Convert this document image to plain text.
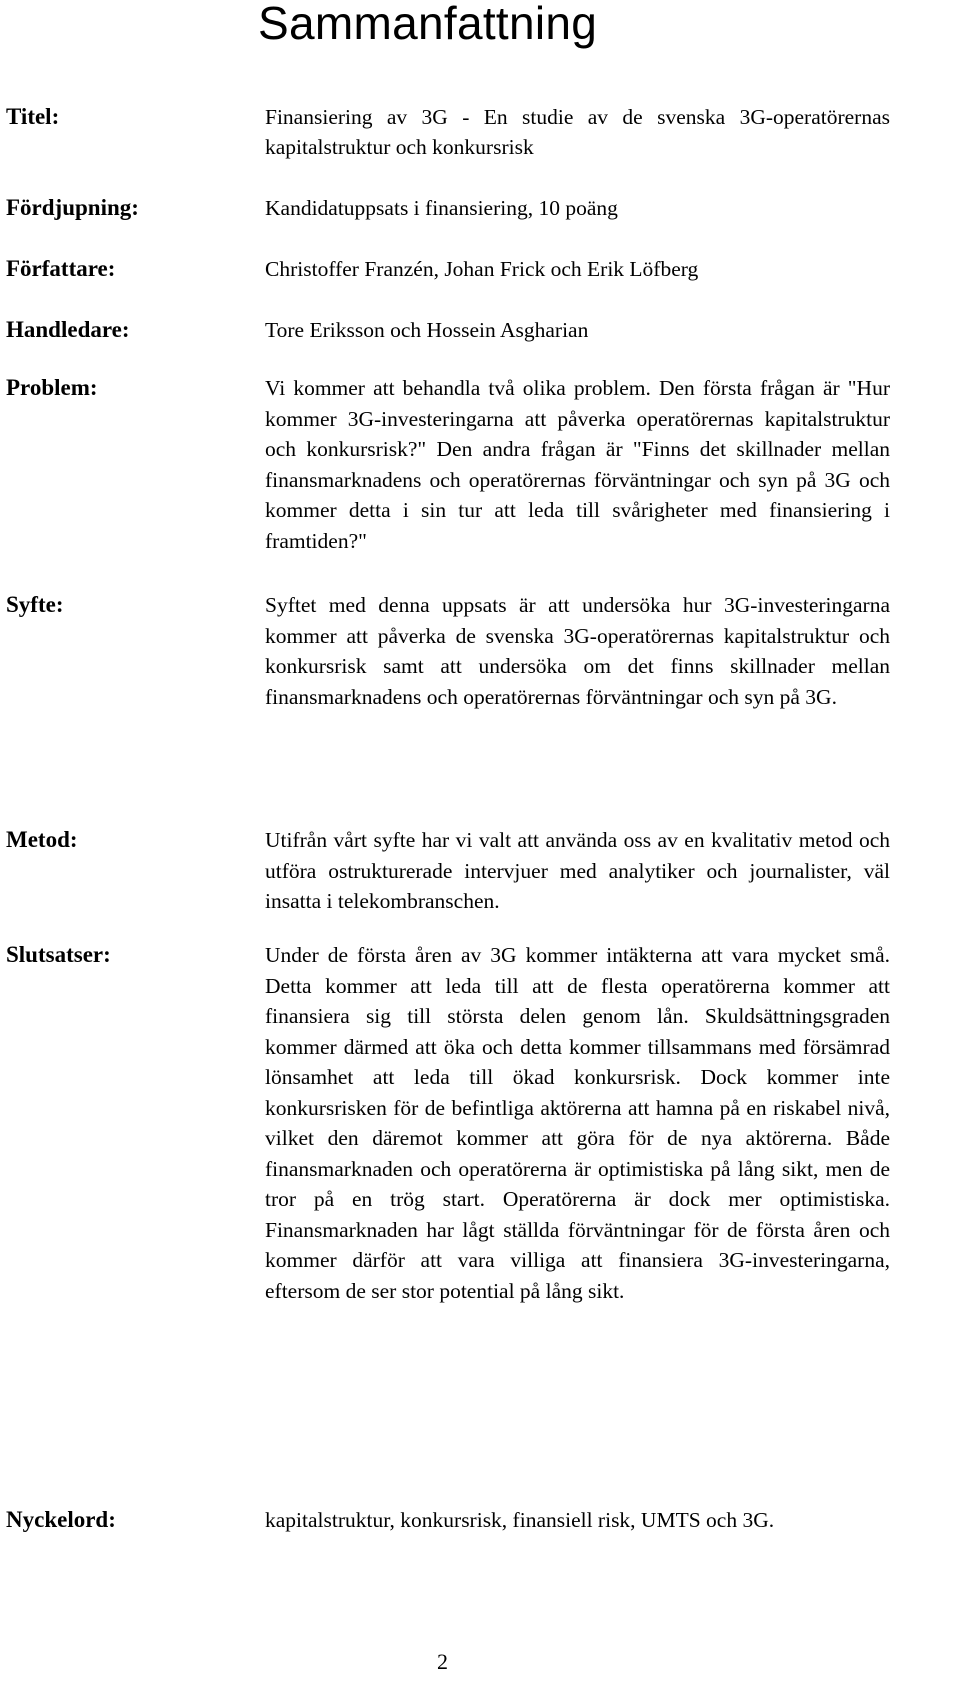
Sammanfattning
Titel:	Finansiering av 3G - En studie av de svenska 3G-operatörernas kapitalstruktur och konkursrisk

Fördjupning:	Kandidatuppsats i finansiering, 10 poäng

Författare:	Christoffer Franzén, Johan Frick och Erik Löfberg

Handledare:	Tore Eriksson och Hossein Asgharian

Problem:	Vi kommer att behandla två olika problem. Den första frågan är "Hur kommer 3G-investeringarna att påverka operatörernas kapitalstruktur och konkursrisk?" Den andra frågan är "Finns det skillnader mellan finansmarknadens och operatörernas förväntningar och syn på 3G och kommer detta i sin tur att leda till svårigheter med finansiering i framtiden?"

Syfte:	Syftet med denna uppsats är att undersöka hur 3G-investeringarna kommer att påverka de svenska 3G-operatörernas kapitalstruktur och konkursrisk samt att undersöka om det finns skillnader mellan finansmarknadens och operatörernas förväntningar och syn på 3G.

Metod:	Utifrån vårt syfte har vi valt att använda oss av en kvalitativ metod och utföra ostrukturerade intervjuer med analytiker och journalister, väl insatta i telekombranschen.

Slutsatser:	Under de första åren av 3G kommer intäkterna att vara mycket små. Detta kommer att leda till att de flesta operatörerna kommer att finansiera sig till största delen genom lån. Skuldsättningsgraden kommer därmed att öka och detta kommer tillsammans med försämrad lönsamhet att leda till ökad konkursrisk. Dock kommer inte konkursrisken för de befintliga aktörerna att hamna på en riskabel nivå, vilket den däremot kommer att göra för de nya aktörerna. Både finansmarknaden och operatörerna är optimistiska på lång sikt, men de tror på en trög start. Operatörerna är dock mer optimistiska. Finansmarknaden har lågt ställda förväntningar för de första åren och kommer därför att vara villiga att finansiera 3G-investeringarna, eftersom de ser stor potential på lång sikt.

Nyckelord:	kapitalstruktur, konkursrisk, finansiell risk, UMTS och 3G.

2
